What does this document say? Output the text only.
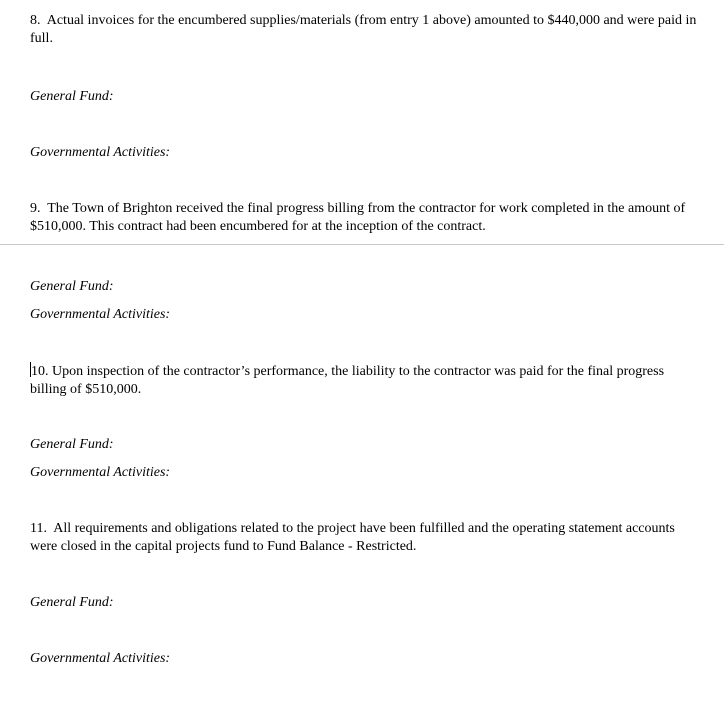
8. Actual invoices for the encumbered supplies/materials (from entry 1 above) amounted to $440,000 and were paid in full.

General Fund:

Governmental Activities:

9. The Town of Brighton received the final progress billing from the contractor for work completed in the amount of $510,000. This contract had been encumbered for at the inception of the contract.

General Fund:

Governmental Activities:

10. Upon inspection of the contractor’s performance, the liability to the contractor was paid for the final progress billing of $510,000.

General Fund:

Governmental Activities:

11. All requirements and obligations related to the project have been fulfilled and the operating statement accounts were closed in the capital projects fund to Fund Balance - Restricted.

General Fund:

Governmental Activities:
